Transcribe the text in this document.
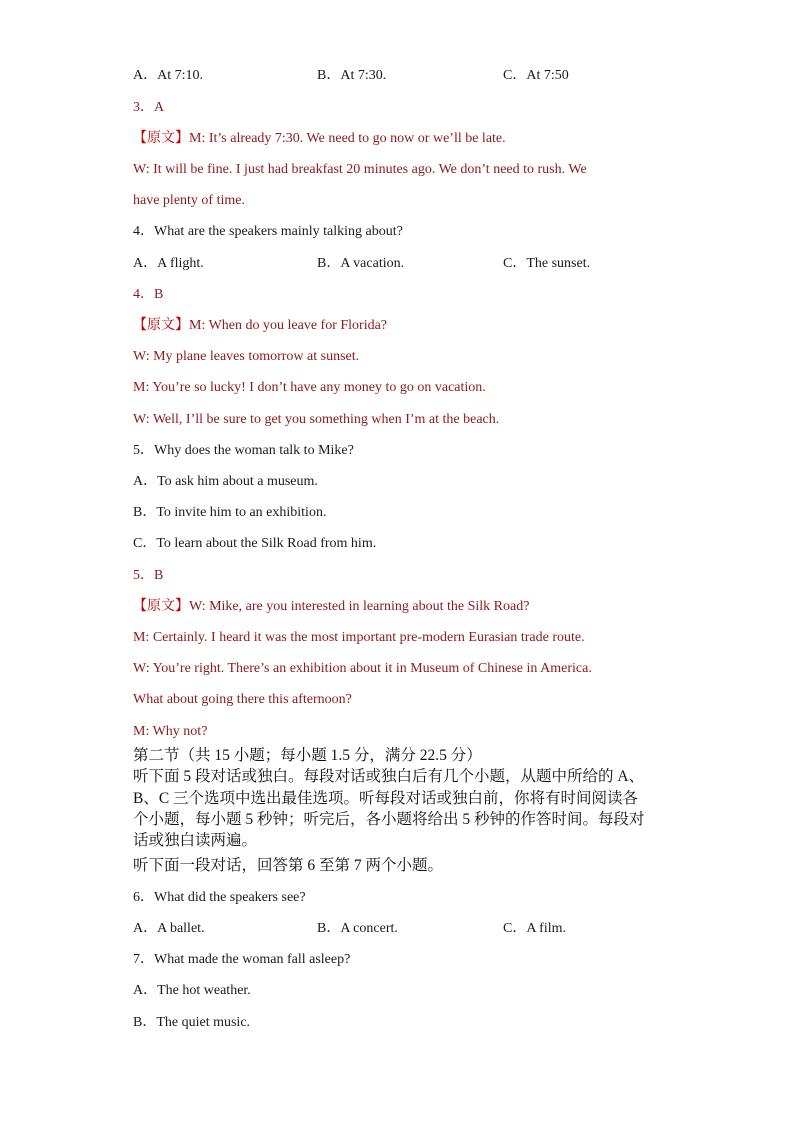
A．At 7:10.	B．At 7:30.	C．At 7:50
3．A
【原文】M: It’s already 7:30. We need to go now or we’ll be late.
W: It will be fine. I just had breakfast 20 minutes ago. We don’t need to rush. We
have plenty of time.
4．What are the speakers mainly talking about?
A．A flight.	B．A vacation.	C．The sunset.
4．B
【原文】M: When do you leave for Florida?
W: My plane leaves tomorrow at sunset.
M: You’re so lucky! I don’t have any money to go on vacation.
W: Well, I’ll be sure to get you something when I’m at the beach.
5．Why does the woman talk to Mike?
A．To ask him about a museum.
B．To invite him to an exhibition.
C．To learn about the Silk Road from him.
5．B
【原文】W: Mike, are you interested in learning about the Silk Road?
M: Certainly. I heard it was the most important pre-modern Eurasian trade route.
W: You’re right. There’s an exhibition about it in Museum of Chinese in America.
What about going there this afternoon?
M: Why not?
第二节（共 15 小题；每小题 1.5 分，满分 22.5 分）
听下面 5 段对话或独白。每段对话或独白后有几个小题，从题中所给的 A、
B、C 三个选项中选出最佳选项。听每段对话或独白前，你将有时间阅读各
个小题，每小题 5 秒钟；听完后，各小题将给出 5 秒钟的作答时间。每段对
话或独白读两遍。
听下面一段对话，回答第 6 至第 7 两个小题。
6．What did the speakers see?
A．A ballet.	B．A concert.	C．A film.
7．What made the woman fall asleep?
A．The hot weather.
B．The quiet music.
